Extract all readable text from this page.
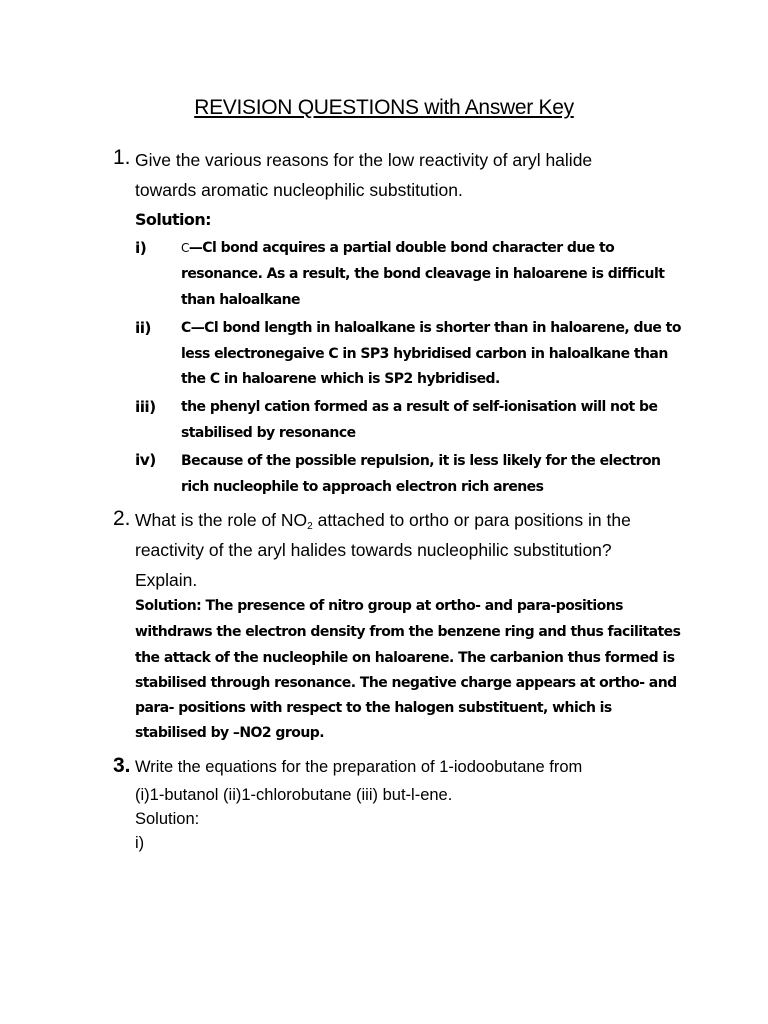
REVISION QUESTIONS with Answer Key
1. Give the various reasons for the low reactivity of aryl halide
towards aromatic nucleophilic substitution.
Solution:
i)	C—Cl bond acquires a partial double bond character due to
resonance. As a result, the bond cleavage in haloarene is difficult
than haloalkane
ii) C—Cl bond length in haloalkane is shorter than in haloarene, due to
less electronegaive C in SP3 hybridised carbon in haloalkane than
the C in haloarene which is SP2 hybridised.
iii) the phenyl cation formed as a result of self-ionisation will not be
stabilised by resonance
iv) Because of the possible repulsion, it is less likely for the electron
rich nucleophile to approach electron rich arenes
2. What is the role of $NO_2$ attached to ortho or para positions in the
reactivity of the aryl halides towards nucleophilic substitution?
Explain.
Solution: The presence of nitro group at ortho- and para-positions
withdraws the electron density from the benzene ring and thus facilitates
the attack of the nucleophile on haloarene. The carbanion thus formed is
stabilised through resonance. The negative charge appears at ortho- and
para- positions with respect to the halogen substituent, which is
stabilised by –NO2 group.
3. Write the equations for the preparation of 1-iodoobutane from
(i)1-butanol (ii)1-chlorobutane (iii) but-l-ene.
Solution:
i)
